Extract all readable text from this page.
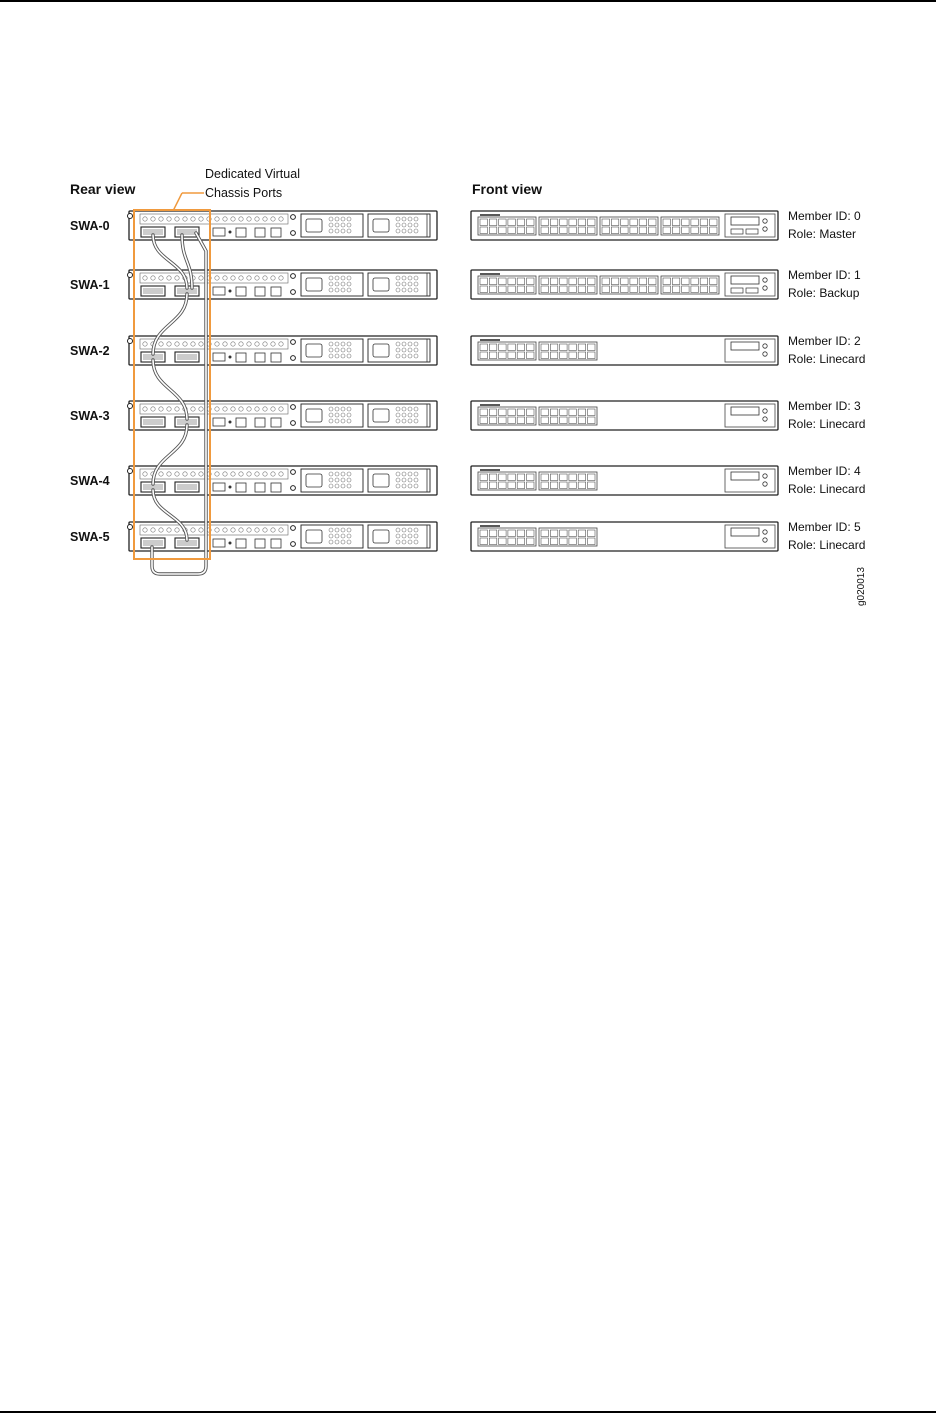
Rear view	Front view
Dedicated Virtual
Chassis Ports
SWA-0
SWA-1
SWA-2
SWA-3
SWA-4
SWA-5
Member ID: 0
Role: Master
Member ID: 1
Role: Backup
Member ID: 2
Role: Linecard
Member ID: 3
Role: Linecard
Member ID: 4
Role: Linecard
Member ID: 5
Role: Linecard
g020013
